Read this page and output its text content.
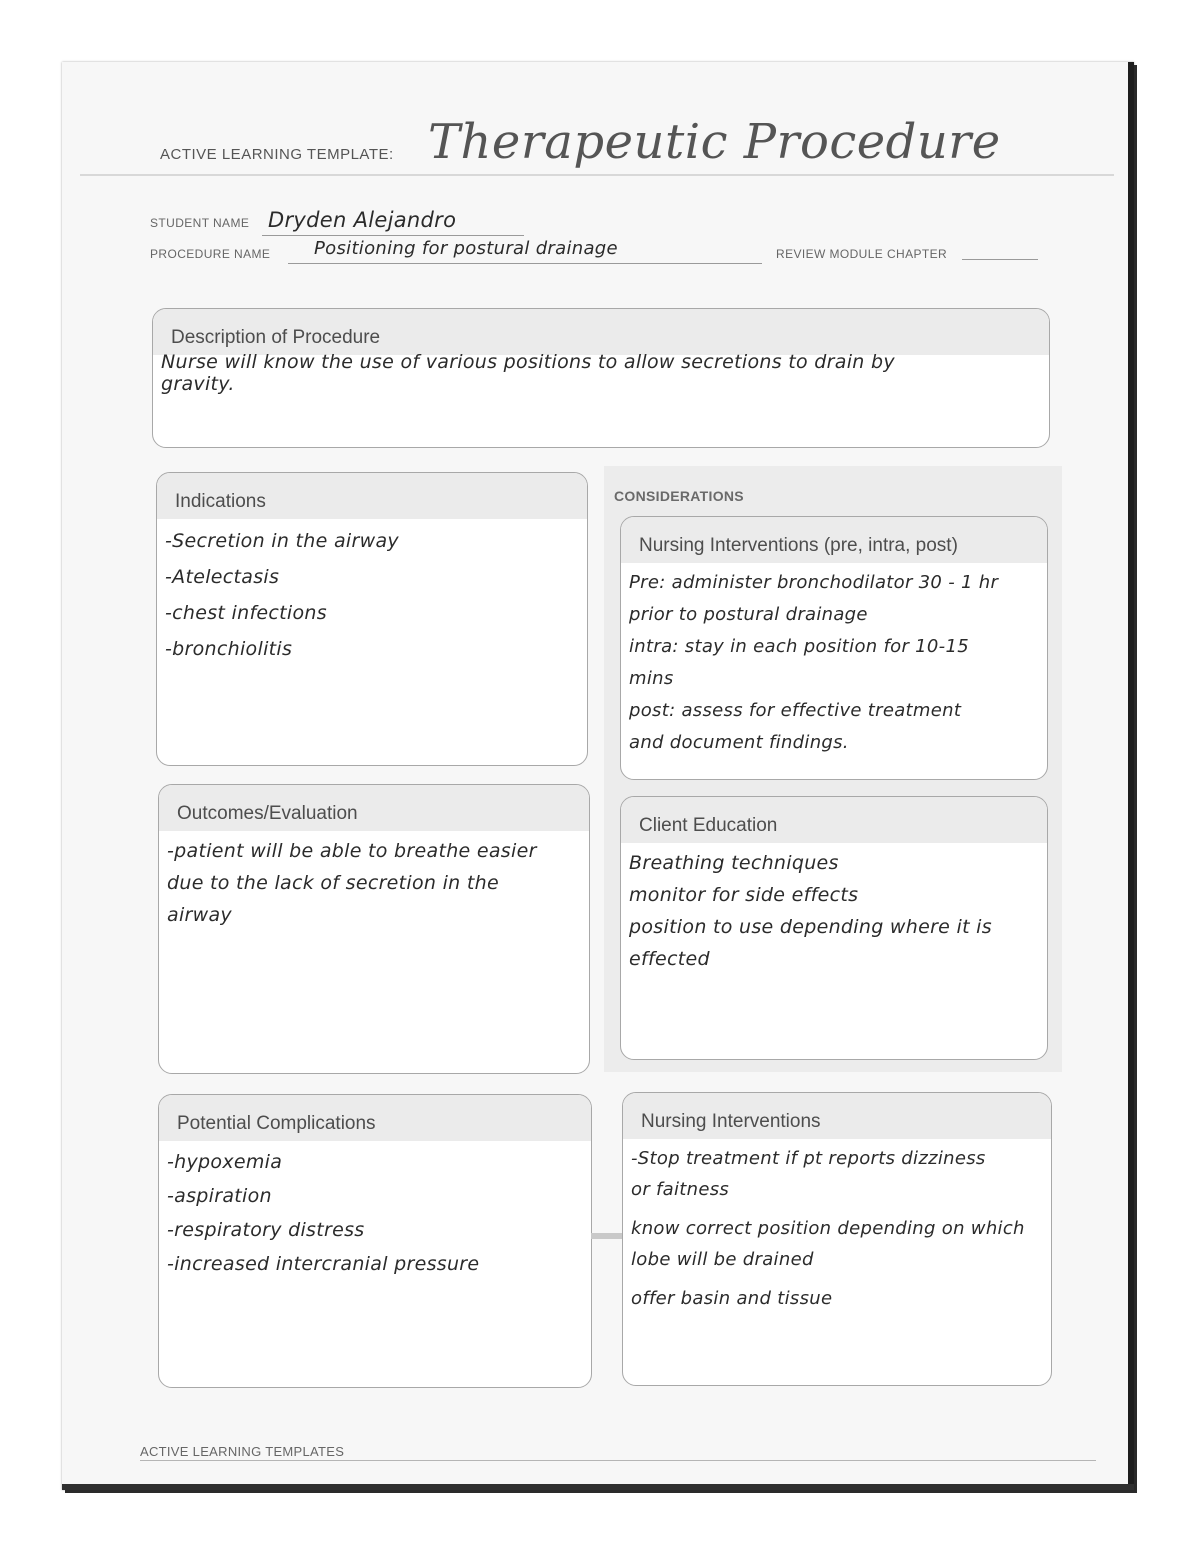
ACTIVE LEARNING TEMPLATE: Therapeutic Procedure
STUDENT NAME Dryden Alejandro
PROCEDURE NAME Positioning for postural drainage	REVIEW MODULE CHAPTER
Description of Procedure
Nurse will know the use of various positions to allow secretions to drain by
gravity.
Indications
-Secretion in the airway
-Atelectasis
-chest infections
-bronchiolitis
CONSIDERATIONS
Nursing Interventions (pre, intra, post)
Pre: administer bronchodilator 30 - 1 hr
prior to postural drainage
intra: stay in each position for 10-15
mins
post: assess for effective treatment
and document findings.
Outcomes/Evaluation
-patient will be able to breathe easier
due to the lack of secretion in the
airway
Client Education
Breathing techniques
monitor for side effects
position to use depending where it is
effected
Potential Complications
-hypoxemia
-aspiration
-respiratory distress
-increased intercranial pressure
Nursing Interventions
-Stop treatment if pt reports dizziness
or faitness
know correct position depending on which
lobe will be drained
offer basin and tissue
ACTIVE LEARNING TEMPLATES
